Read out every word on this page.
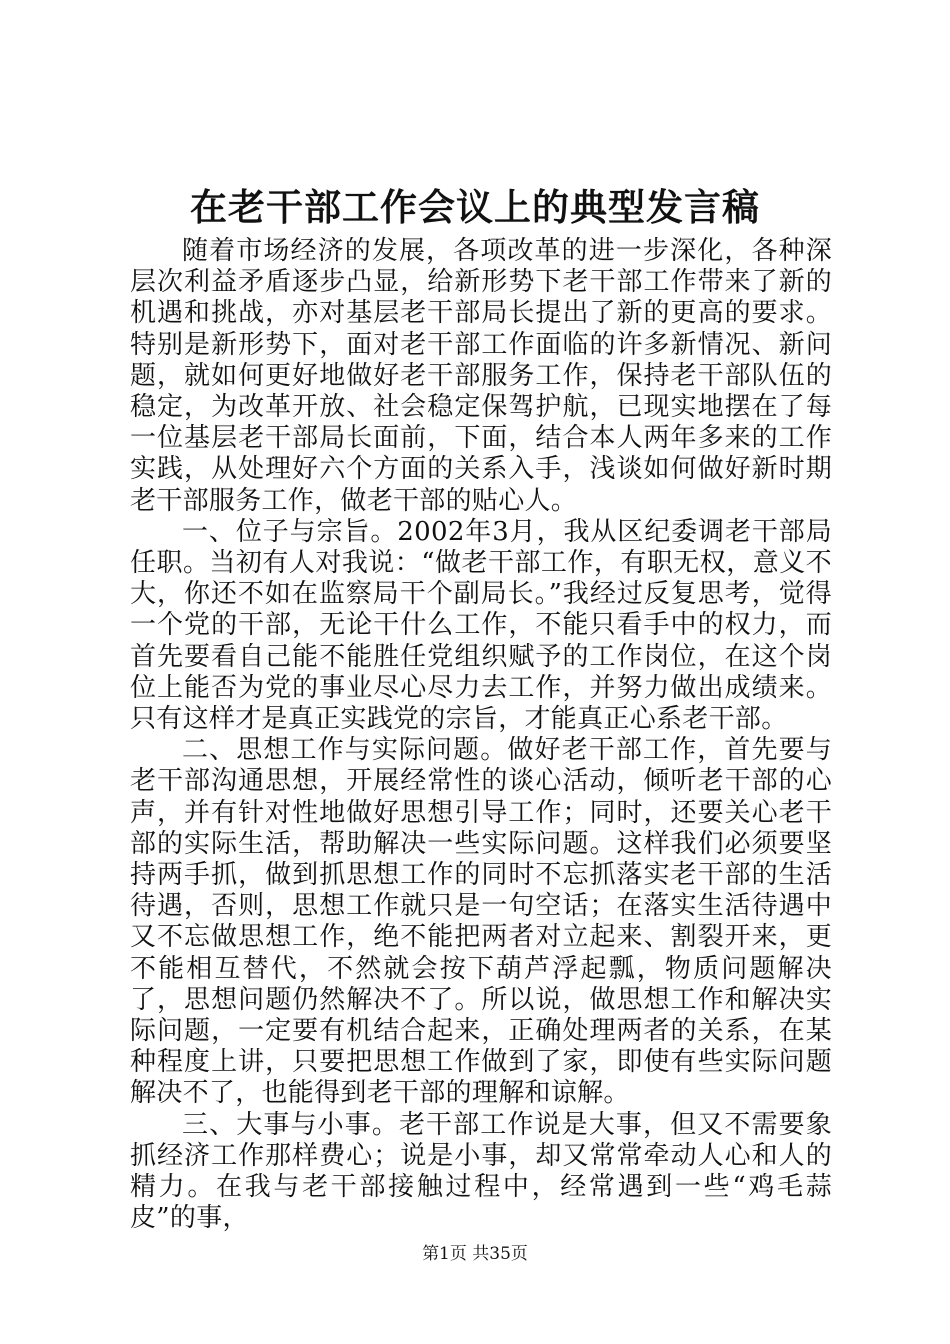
在老干部工作会议上的典型发言稿

随着市场经济的发展，各项改革的进一步深化，各种深层次利益矛盾逐步凸显，给新形势下老干部工作带来了新的机遇和挑战，亦对基层老干部局长提出了新的更高的要求。特别是新形势下，面对老干部工作面临的许多新情况、新问题，就如何更好地做好老干部服务工作，保持老干部队伍的稳定，为改革开放、社会稳定保驾护航，已现实地摆在了每一位基层老干部局长面前，下面，结合本人两年多来的工作实践，从处理好六个方面的关系入手，浅谈如何做好新时期老干部服务工作，做老干部的贴心人。

一、位子与宗旨。2002年3月，我从区纪委调老干部局任职。当初有人对我说：“做老干部工作，有职无权，意义不大，你还不如在监察局干个副局长。”我经过反复思考，觉得一个党的干部，无论干什么工作，不能只看手中的权力，而首先要看自己能不能胜任党组织赋予的工作岗位，在这个岗位上能否为党的事业尽心尽力去工作，并努力做出成绩来。只有这样才是真正实践党的宗旨，才能真正心系老干部。

二、思想工作与实际问题。做好老干部工作，首先要与老干部沟通思想，开展经常性的谈心活动，倾听老干部的心声，并有针对性地做好思想引导工作；同时，还要关心老干部的实际生活，帮助解决一些实际问题。这样我们必须要坚持两手抓，做到抓思想工作的同时不忘抓落实老干部的生活待遇，否则，思想工作就只是一句空话；在落实生活待遇中又不忘做思想工作，绝不能把两者对立起来、割裂开来，更不能相互替代，不然就会按下葫芦浮起瓢，物质问题解决了，思想问题仍然解决不了。所以说，做思想工作和解决实际问题，一定要有机结合起来，正确处理两者的关系，在某种程度上讲，只要把思想工作做到了家，即使有些实际问题解决不了，也能得到老干部的理解和谅解。

三、大事与小事。老干部工作说是大事，但又不需要象抓经济工作那样费心；说是小事，却又常常牵动人心和人的精力。在我与老干部接触过程中，经常遇到一些“鸡毛蒜皮”的事，

第1页 共35页
